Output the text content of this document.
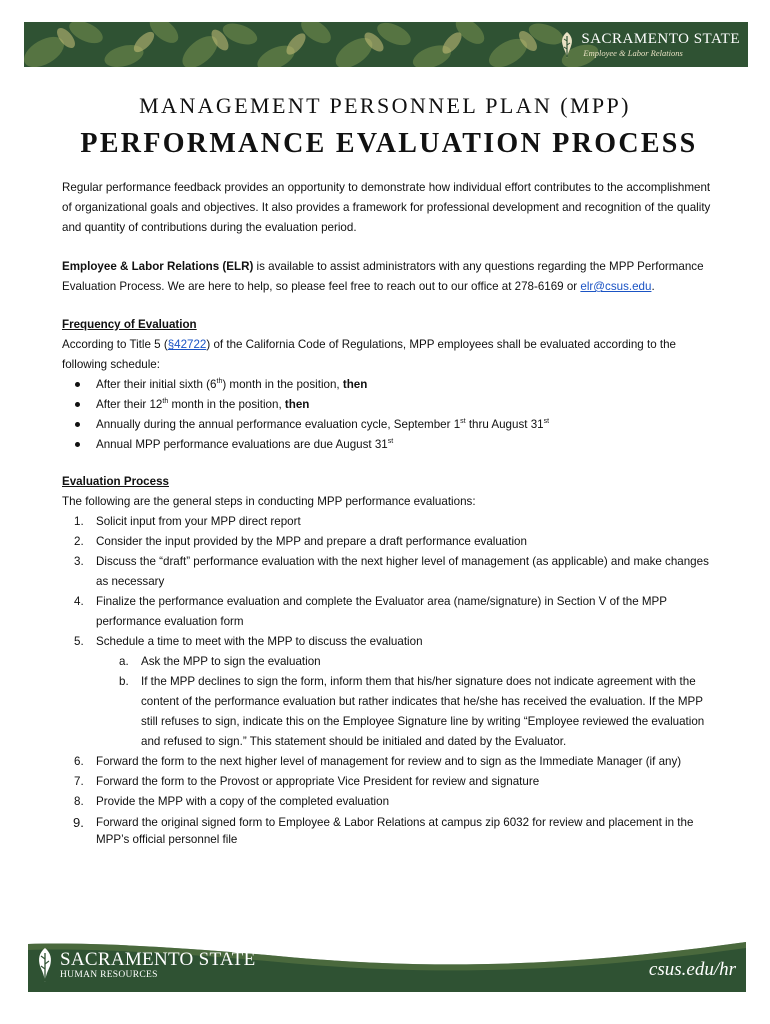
SACRAMENTO STATE
Employee & Labor Relations
MANAGEMENT PERSONNEL PLAN (MPP)
PERFORMANCE EVALUATION PROCESS

Regular performance feedback provides an opportunity to demonstrate how individual effort contributes to the accomplishment of organizational goals and objectives. It also provides a framework for professional development and recognition of the quality and quantity of contributions during the evaluation period.

Employee & Labor Relations (ELR) is available to assist administrators with any questions regarding the MPP Performance Evaluation Process. We are here to help, so please feel free to reach out to our office at 278-6169 or elr@csus.edu.

Frequency of Evaluation

According to Title 5 (§42722) of the California Code of Regulations, MPP employees shall be evaluated according to the following schedule:

After their initial sixth (6th) month in the position, then
After their 12th month in the position, then
Annually during the annual performance evaluation cycle, September 1st thru August 31st
Annual MPP performance evaluations are due August 31st
Evaluation Process

The following are the general steps in conducting MPP performance evaluations:

1. Solicit input from your MPP direct report
2. Consider the input provided by the MPP and prepare a draft performance evaluation
3. Discuss the “draft” performance evaluation with the next higher level of management (as applicable) and make changes as necessary
4. Finalize the performance evaluation and complete the Evaluator area (name/signature) in Section V of the MPP performance evaluation form
5. Schedule a time to meet with the MPP to discuss the evaluation
a. Ask the MPP to sign the evaluation
b. If the MPP declines to sign the form, inform them that his/her signature does not indicate agreement with the content of the performance evaluation but rather indicates that he/she has received the evaluation. If the MPP still refuses to sign, indicate this on the Employee Signature line by writing “Employee reviewed the evaluation and refused to sign.” This statement should be initialed and dated by the Evaluator.
6. Forward the form to the next higher level of management for review and to sign as the Immediate Manager (if any)
7. Forward the form to the Provost or appropriate Vice President for review and signature
8. Provide the MPP with a copy of the completed evaluation
9. Forward the original signed form to Employee & Labor Relations at campus zip 6032 for review and placement in the MPP’s official personnel file
SACRAMENTO STATE
HUMAN RESOURCES	csus.edu/hr
